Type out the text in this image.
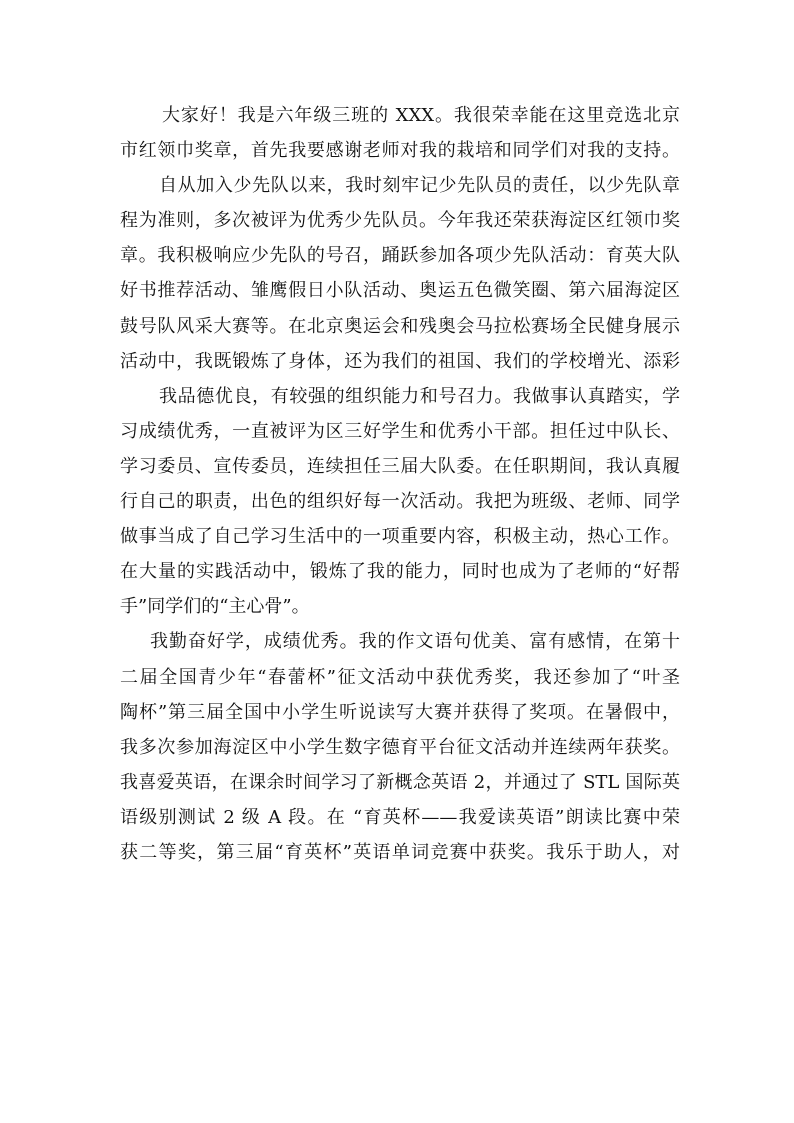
大家好！我是六年级三班的 XXX。我很荣幸能在这里竞选北京
市红领巾奖章，首先我要感谢老师对我的栽培和同学们对我的支持。
自从加入少先队以来，我时刻牢记少先队员的责任，以少先队章
程为准则，多次被评为优秀少先队员。今年我还荣获海淀区红领巾奖
章。我积极响应少先队的号召，踊跃参加各项少先队活动：育英大队
好书推荐活动、雏鹰假日小队活动、奥运五色微笑圈、第六届海淀区
鼓号队风采大赛等。在北京奥运会和残奥会马拉松赛场全民健身展示
活动中，我既锻炼了身体，还为我们的祖国、我们的学校增光、添彩
我品德优良，有较强的组织能力和号召力。我做事认真踏实，学
习成绩优秀，一直被评为区三好学生和优秀小干部。担任过中队长、
学习委员、宣传委员，连续担任三届大队委。在任职期间，我认真履
行自己的职责，出色的组织好每一次活动。我把为班级、老师、同学
做事当成了自己学习生活中的一项重要内容，积极主动，热心工作。
在大量的实践活动中，锻炼了我的能力，同时也成为了老师的“好帮
手”同学们的“主心骨”。
我勤奋好学，成绩优秀。我的作文语句优美、富有感情，在第十
二届全国青少年“春蕾杯”征文活动中获优秀奖，我还参加了“叶圣
陶杯”第三届全国中小学生听说读写大赛并获得了奖项。在暑假中，
我多次参加海淀区中小学生数字德育平台征文活动并连续两年获奖。
我喜爱英语，在课余时间学习了新概念英语 2，并通过了 STL 国际英
语级别测试 2 级 A 段。在 “育英杯——我爱读英语”朗读比赛中荣
获二等奖，第三届“育英杯”英语单词竞赛中获奖。我乐于助人，对
